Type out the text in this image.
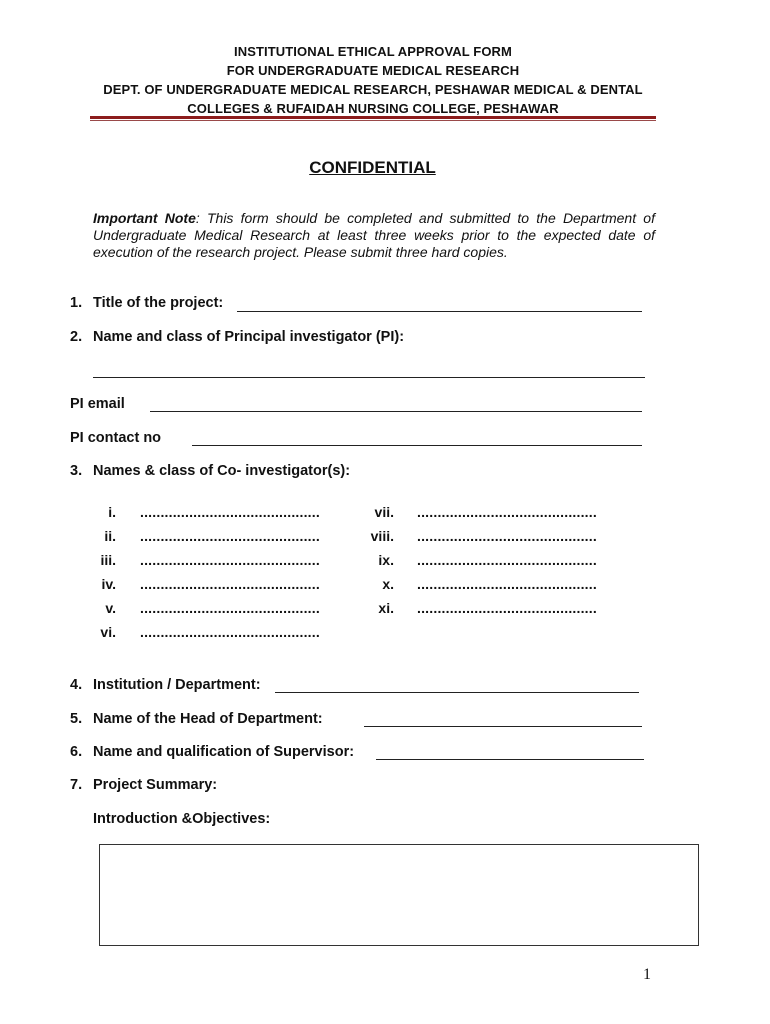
INSTITUTIONAL ETHICAL APPROVAL FORM
FOR UNDERGRADUATE MEDICAL RESEARCH
DEPT. OF UNDERGRADUATE MEDICAL RESEARCH, PESHAWAR MEDICAL & DENTAL
COLLEGES & RUFAIDAH NURSING COLLEGE, PESHAWAR
CONFIDENTIAL
Important Note: This form should be completed and submitted to the Department of Undergraduate Medical Research at least three weeks prior to the expected date of execution of the research project. Please submit three hard copies.
1. Title of the project:
2. Name and class of Principal investigator (PI):
PI email
PI contact no
3. Names & class of Co- investigator(s):
i. ............................................
ii. ............................................
iii. ............................................
iv. ............................................
v. ............................................
vi. ............................................
vii. ............................................
viii. ............................................
ix. ............................................
x. ............................................
xi. ............................................
4. Institution / Department:
5. Name of the Head of Department:
6. Name and qualification of Supervisor:
7. Project Summary:
Introduction &Objectives:
1
